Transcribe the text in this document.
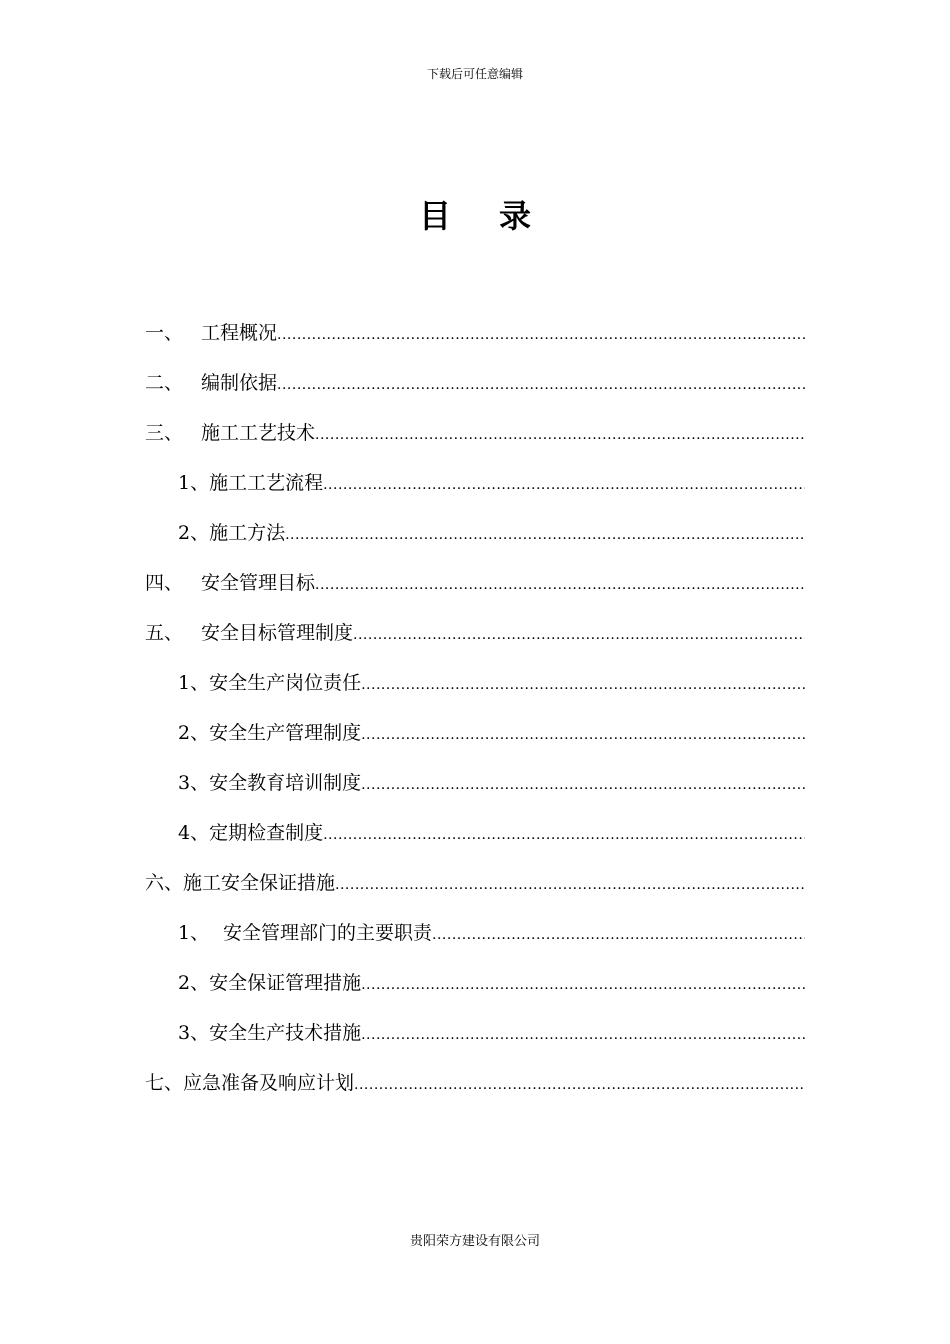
下载后可任意编辑
目录
一、 工程概况
.....
二、 编制依据
.....
三、 施工工艺技术
.....
1、 施工工艺流程
.....
2、 施工方法
.....
四、 安全管理目标
.....
五、 安全目标管理制度
.....
1、 安全生产岗位责任
.....
2、 安全生产管理制度
.....
3、 安全教育培训制度
.....
4、 定期检查制度
.....
六、 施工安全保证措施
.....
1、 安全管理部门的主要职责
.....
2、 安全保证管理措施
.....
3、 安全生产技术措施
.....
七、 应急准备及响应计划
.....
贵阳荣方建设有限公司
